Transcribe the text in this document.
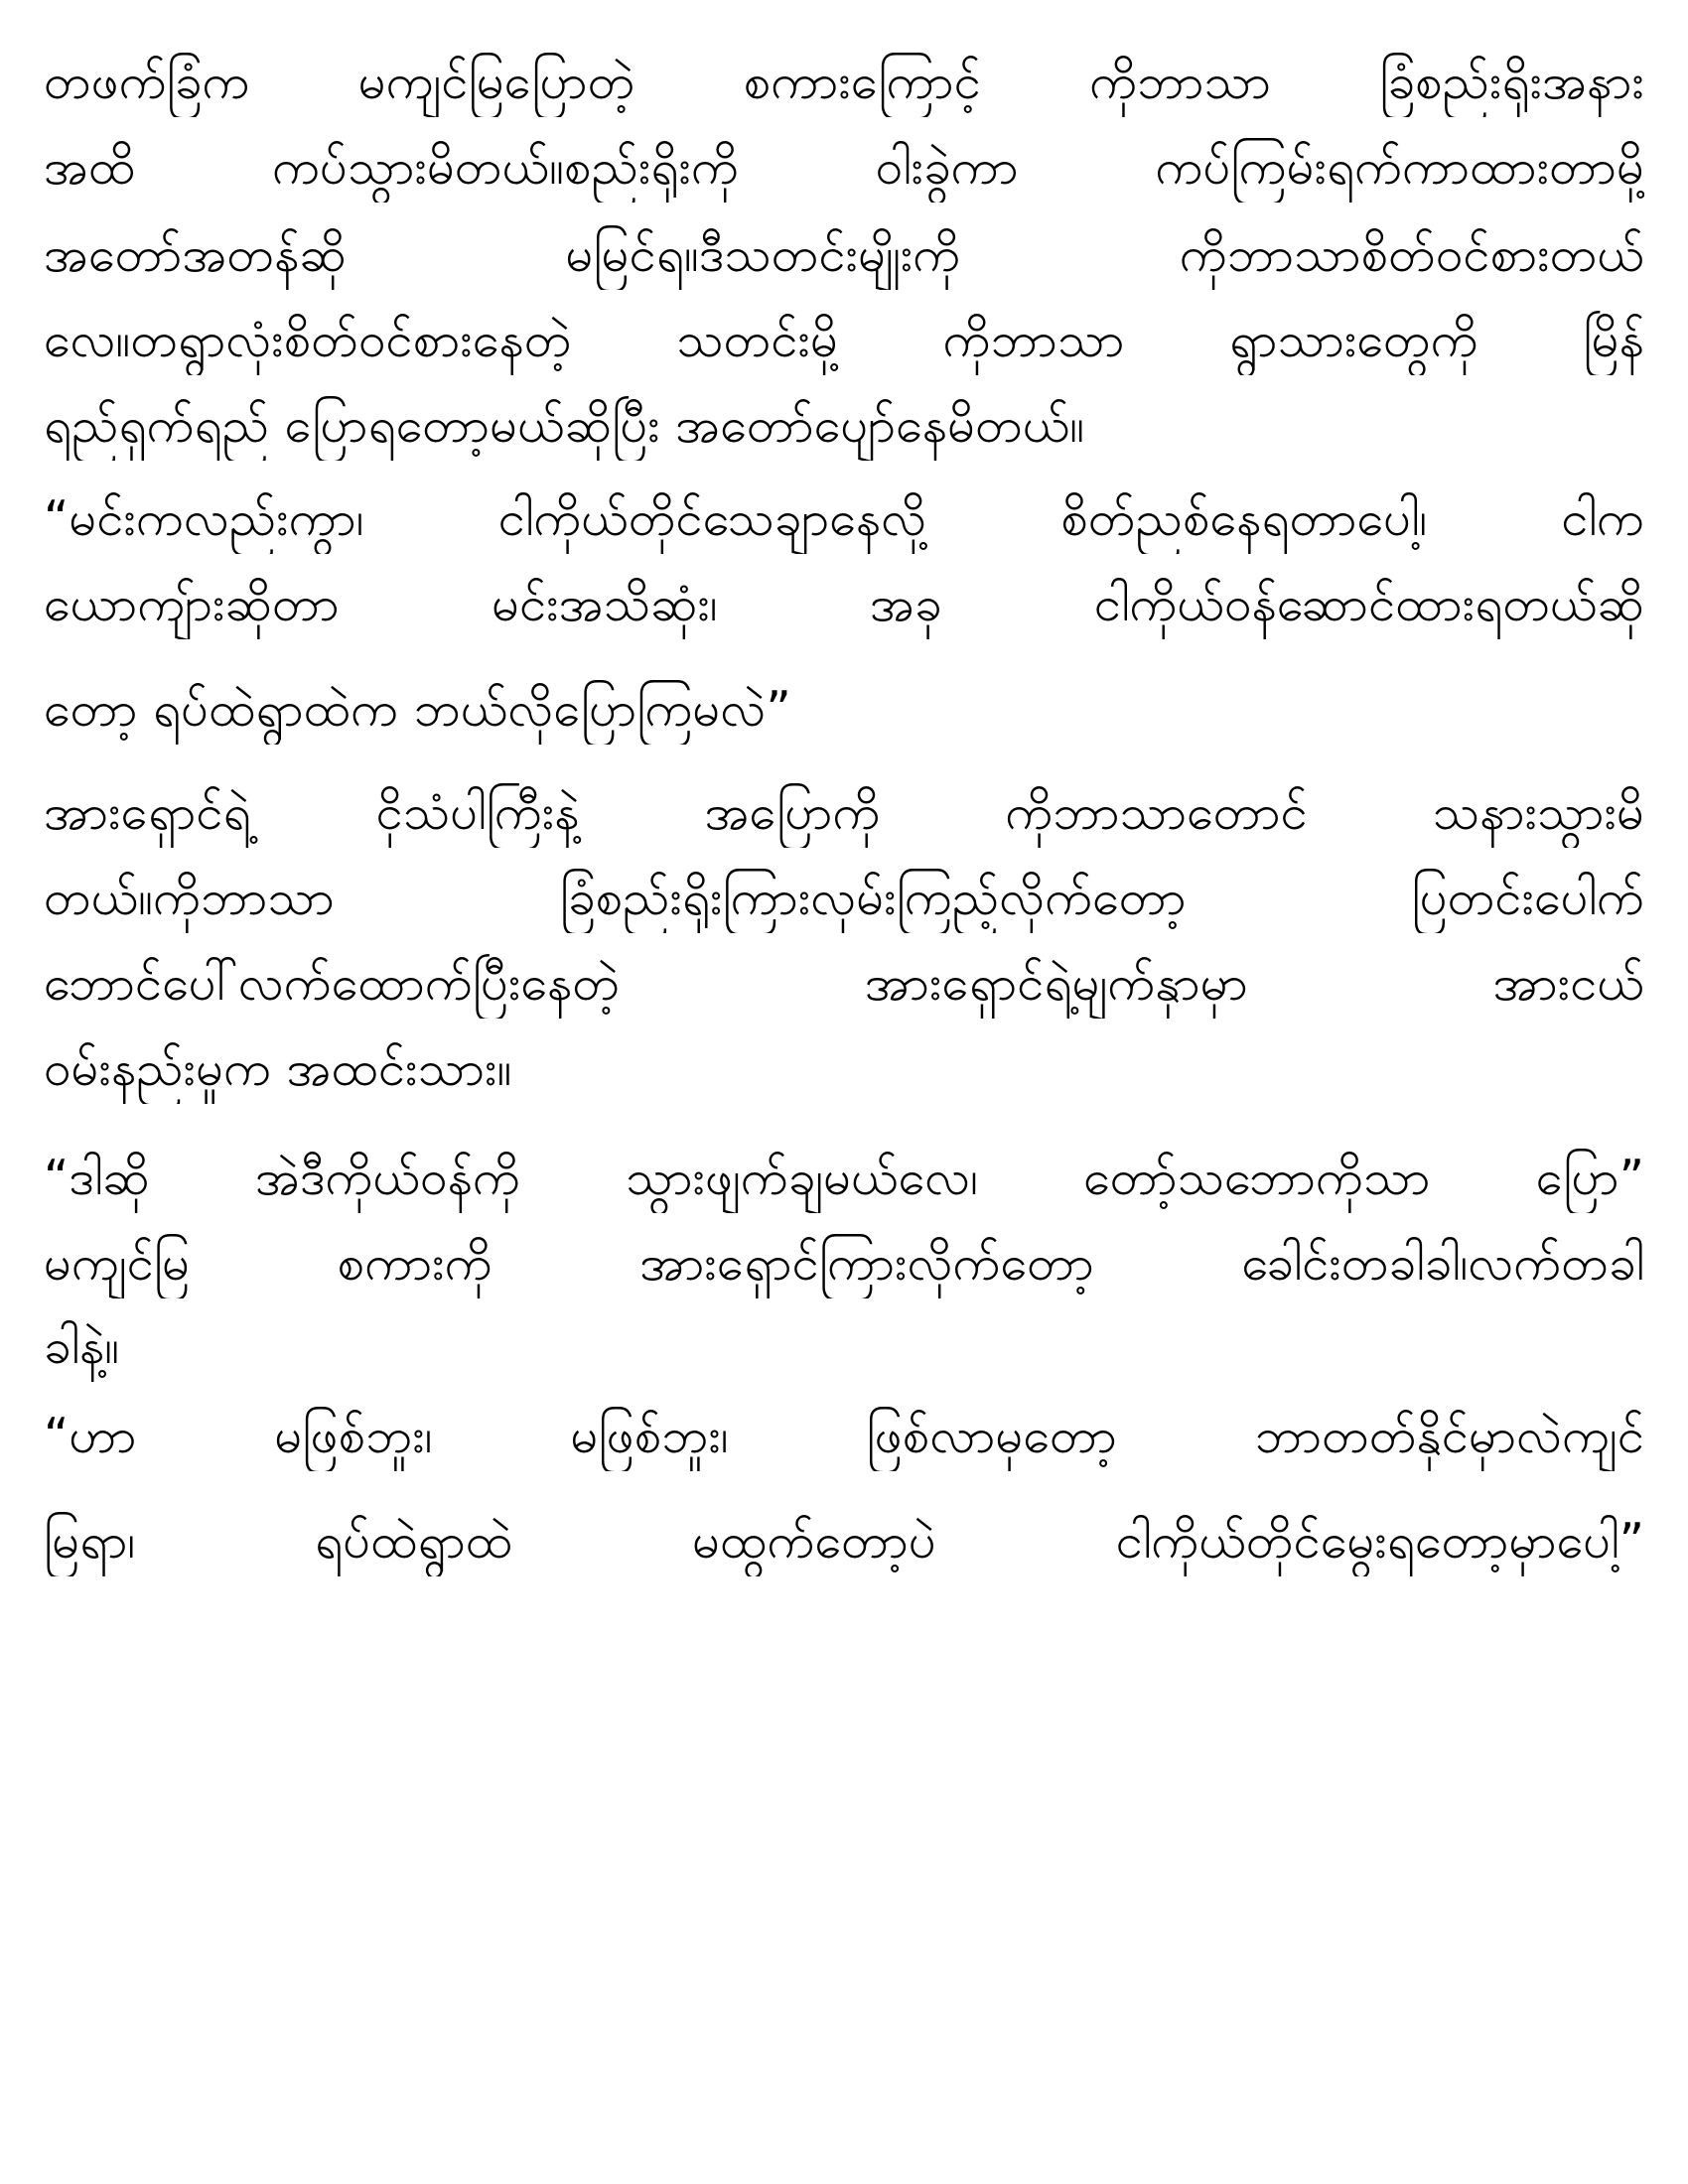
တဖက်ခြံက မကျင်မြပြောတဲ့ စကားကြောင့် ကိုဘာသာ ခြံစည်းရိုးအနား

အထိ ကပ်သွားမိတယ်။စည်းရိုးကို ဝါးခွဲကာ ကပ်ကြမ်းရက်ကာထားတာမို့

အတော်အတန်ဆို မမြင်ရ။ဒီသတင်းမျိုးကို ကိုဘာသာစိတ်ဝင်စားတယ်

လေ။တရွာလုံးစိတ်ဝင်စားနေတဲ့ သတင်းမို့ ကိုဘာသာ ရွာသားတွေကို မြိန်

ရည်ရှက်ရည် ပြောရတော့မယ်ဆိုပြီး အတော်ပျော်နေမိတယ်။

“မင်းကလည်းကွာ၊ ငါကိုယ်တိုင်သေချာနေလို့ စိတ်ညစ်နေရတာပေါ့၊ ငါက

ယောကျ်ားဆိုတာ မင်းအသိဆုံး၊ အခု ငါကိုယ်ဝန်ဆောင်ထားရတယ်ဆို

တော့ ရပ်ထဲရွာထဲက ဘယ်လိုပြောကြမလဲ”

အားရှောင်ရဲ့ ငိုသံပါကြီးနဲ့ အပြောကို ကိုဘာသာတောင် သနားသွားမိ

တယ်။ကိုဘာသာ ခြံစည်းရိုးကြားလှမ်းကြည့်လိုက်တော့ ပြတင်းပေါက်

ဘောင်ပေါ်လက်ထောက်ပြီးနေတဲ့ အားရှောင်ရဲ့မျက်နှာမှာ အားငယ်

ဝမ်းနည်းမှုက အထင်းသား။

“ဒါဆို အဲဒီကိုယ်ဝန်ကို သွားဖျက်ချမယ်လေ၊ တော့်သဘောကိုသာ ပြော”

မကျင်မြ စကားကို အားရှောင်ကြားလိုက်တော့ ခေါင်းတခါခါ၊လက်တခါ

ခါနဲ့။

“ဟာ မဖြစ်ဘူး၊ မဖြစ်ဘူး၊ ဖြစ်လာမှတော့ ဘာတတ်နိုင်မှာလဲကျင်

မြရာ၊ ရပ်ထဲရွာထဲ မထွက်တော့ပဲ ငါကိုယ်တိုင်မွေးရတော့မှာပေါ့”
